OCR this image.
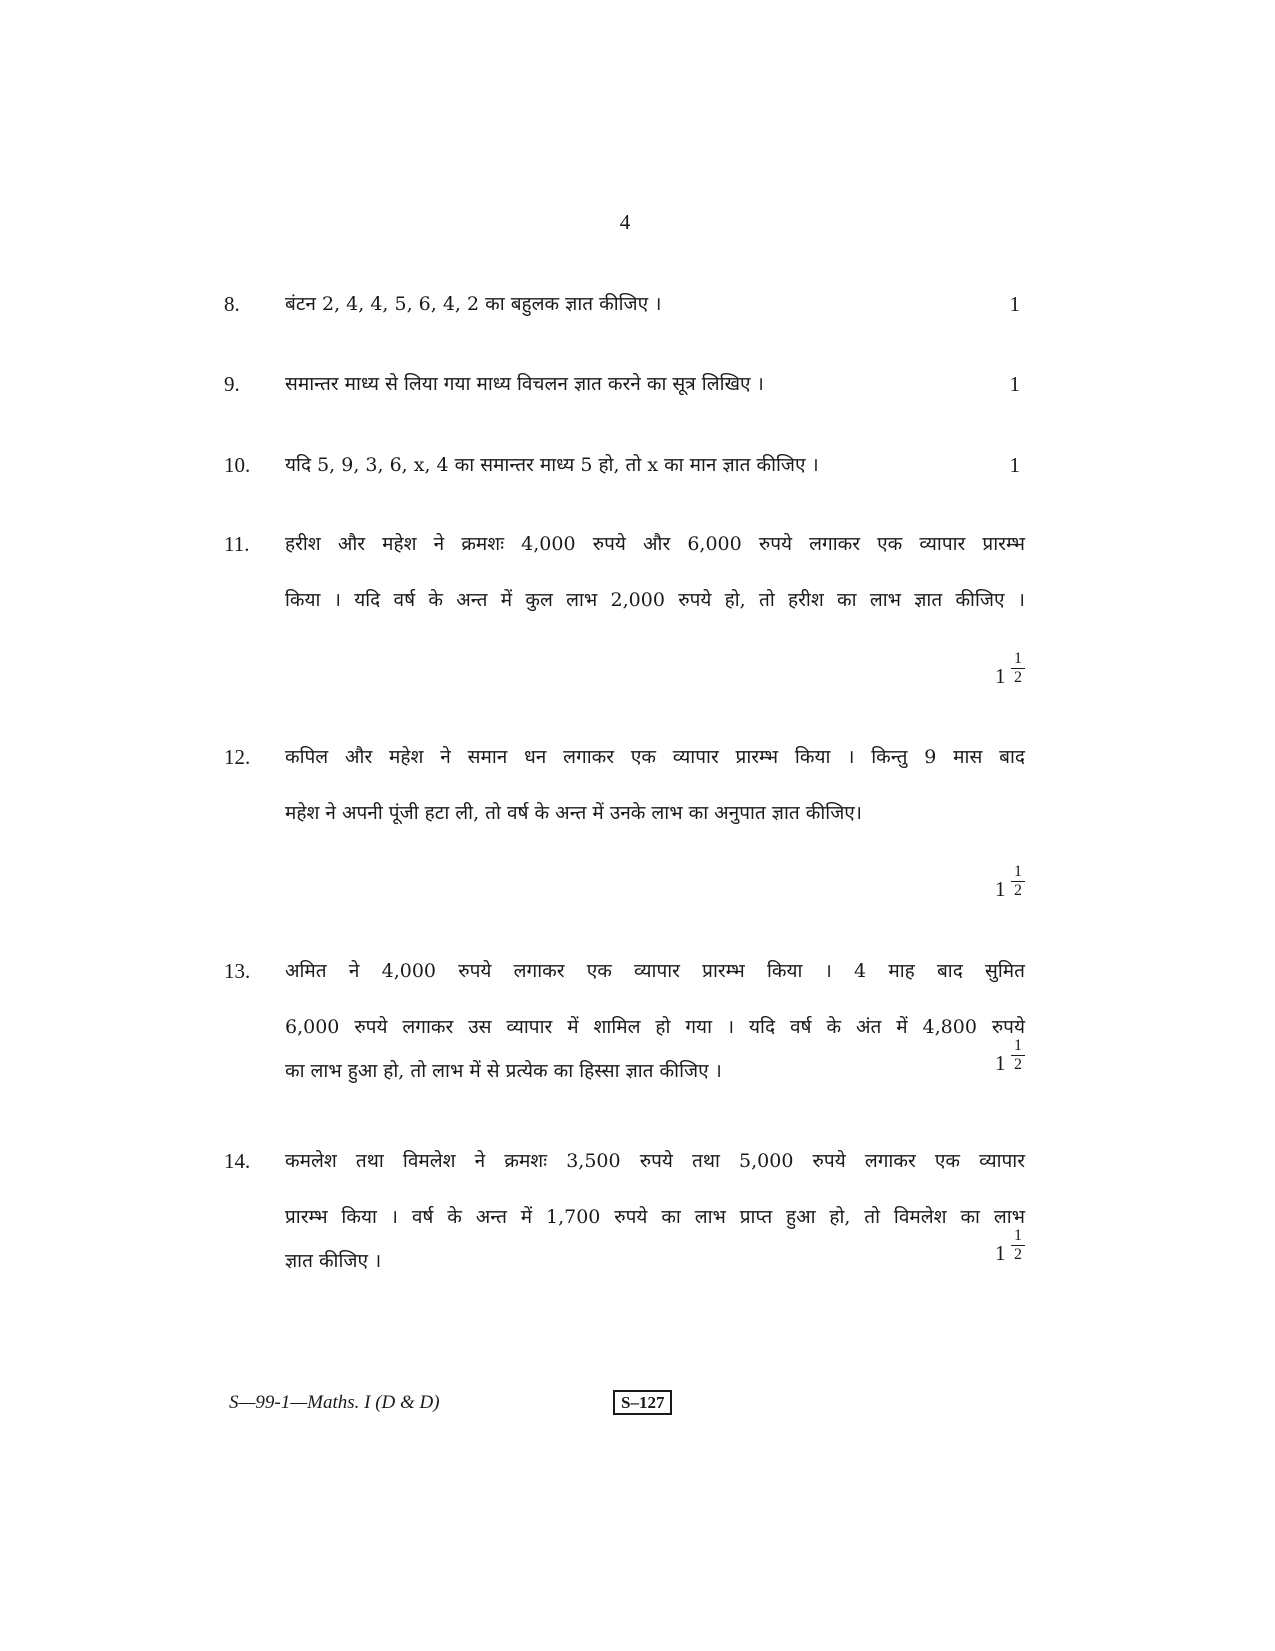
4
8. बंटन 2, 4, 4, 5, 6, 4, 2 का बहुलक ज्ञात कीजिए ।	1
9. समान्तर माध्य से लिया गया माध्य विचलन ज्ञात करने का सूत्र लिखिए ।	1
10. यदि 5, 9, 3, 6, x, 4 का समान्तर माध्य 5 हो, तो x का मान ज्ञात कीजिए ।	1
11. हरीश और महेश ने क्रमशः 4,000 रुपये और 6,000 रुपये लगाकर एक व्यापार प्रारम्भ
किया । यदि वर्ष के अन्त में कुल लाभ 2,000 रुपये हो, तो हरीश का लाभ ज्ञात कीजिए ।
$1 \frac{1}{2}$
12. कपिल और महेश ने समान धन लगाकर एक व्यापार प्रारम्भ किया । किन्तु 9 मास बाद
महेश ने अपनी पूंजी हटा ली, तो वर्ष के अन्त में उनके लाभ का अनुपात ज्ञात कीजिए।
$1 \frac{1}{2}$
13. अमित ने 4,000 रुपये लगाकर एक व्यापार प्रारम्भ किया । 4 माह बाद सुमित
6,000 रुपये लगाकर उस व्यापार में शामिल हो गया । यदि वर्ष के अंत में 4,800 रुपये
का लाभ हुआ हो, तो लाभ में से प्रत्येक का हिस्सा ज्ञात कीजिए ।	$1 \frac{1}{2}$
14. कमलेश तथा विमलेश ने क्रमशः 3,500 रुपये तथा 5,000 रुपये लगाकर एक व्यापार
प्रारम्भ किया । वर्ष के अन्त में 1,700 रुपये का लाभ प्राप्त हुआ हो, तो विमलेश का लाभ
ज्ञात कीजिए ।	$1 \frac{1}{2}$
S—99-1—Maths. I (D & D)	S–127
